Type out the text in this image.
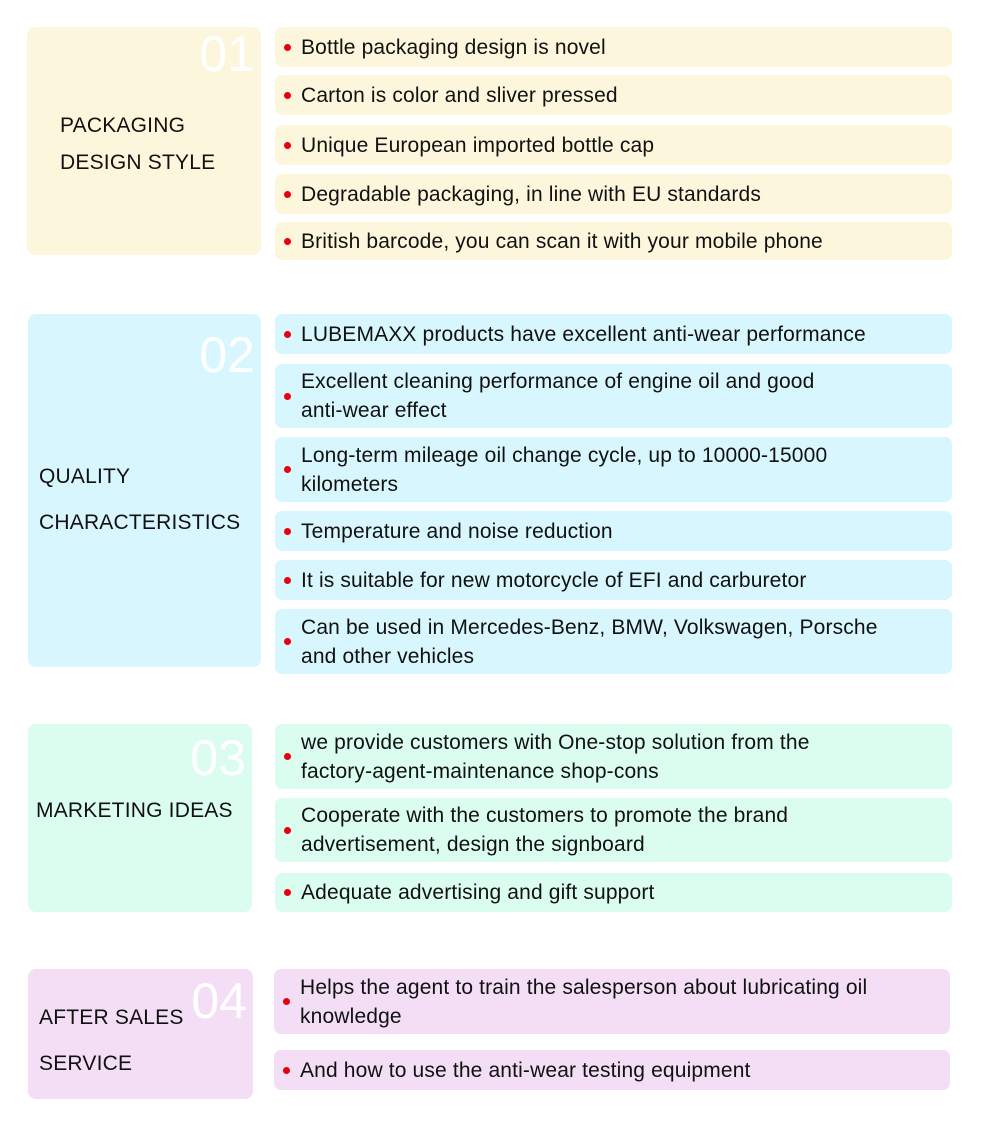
01
PACKAGING
DESIGN STYLE
Bottle packaging design is novel
Carton is color and sliver pressed
Unique European imported bottle cap
Degradable packaging, in line with EU standards
British barcode, you can scan it with your mobile phone
02
QUALITY
CHARACTERISTICS
LUBEMAXX products have excellent anti-wear performance
Excellent cleaning performance of engine oil and good
anti-wear effect
Long-term mileage oil change cycle, up to 10000-15000
kilometers
Temperature and noise reduction
It is suitable for new motorcycle of EFI and carburetor
Can be used in Mercedes-Benz, BMW, Volkswagen, Porsche
and other vehicles
03
MARKETING IDEAS
we provide customers with One-stop solution from the
factory-agent-maintenance shop-cons
Cooperate with the customers to promote the brand
advertisement, design the signboard
Adequate advertising and gift support
04
AFTER SALES
SERVICE
Helps the agent to train the salesperson about lubricating oil
knowledge
And how to use the anti-wear testing equipment
